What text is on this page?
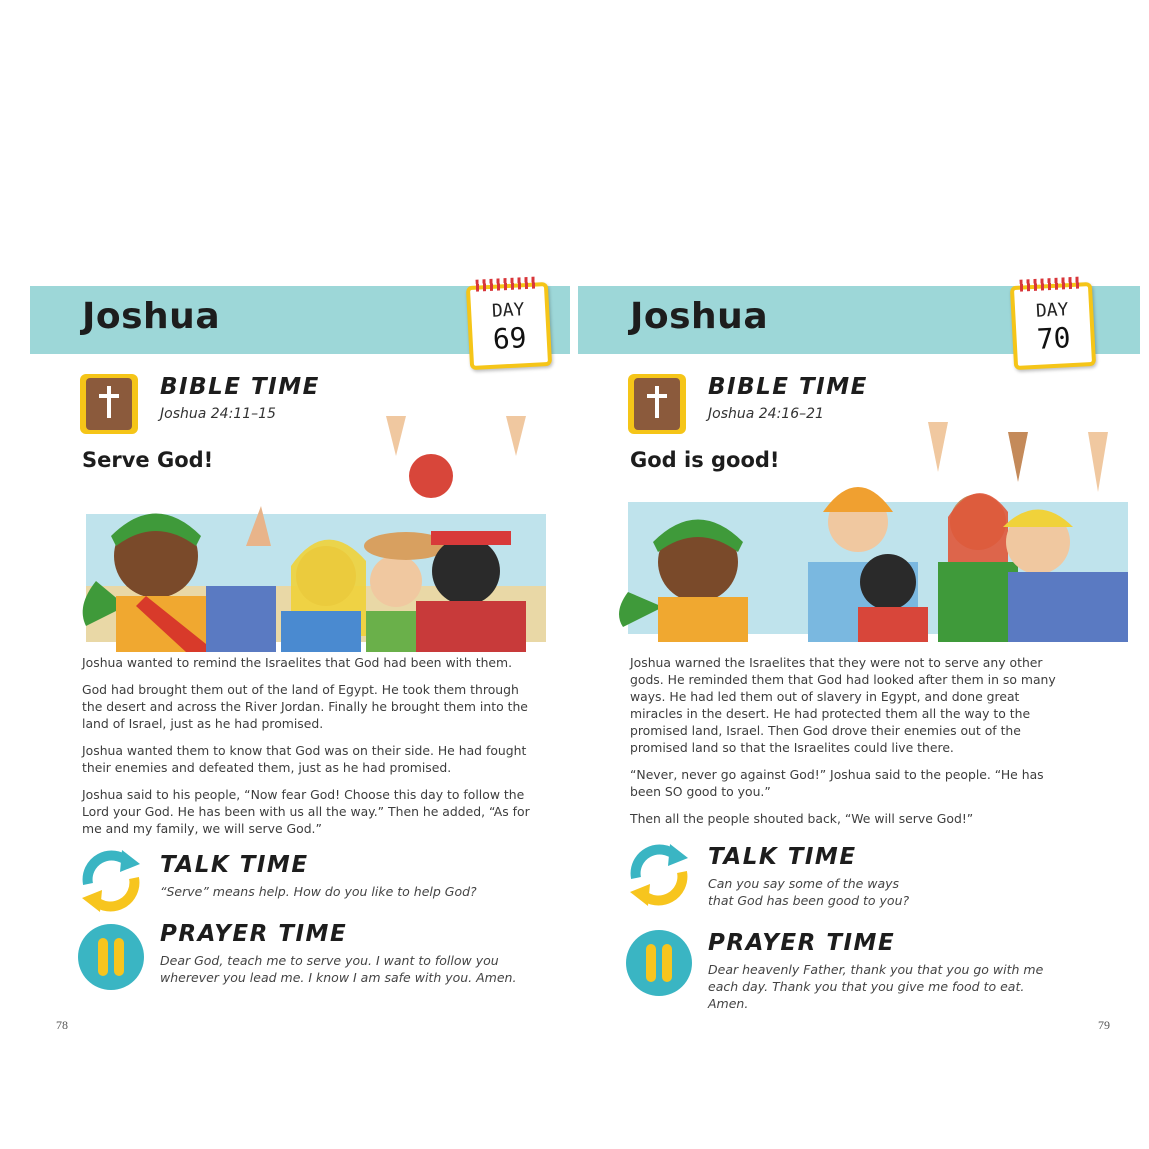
Joshua	DAY
69
BIBLE TIME
Joshua 24:11–15
Serve God!

Joshua wanted to remind the Israelites that God had been with them.

God had brought them out of the land of Egypt. He took them through the desert and across the River Jordan. Finally he brought them into the land of Israel, just as he had promised.

Joshua wanted them to know that God was on their side. He had fought their enemies and defeated them, just as he had promised.

Joshua said to his people, “Now fear God! Choose this day to follow the Lord your God. He has been with us all the way.” Then he added, “As for me and my family, we will serve God.”

TALK TIME
“Serve” means help. How do you like to help God?
PRAYER TIME
Dear God, teach me to serve you. I want to follow you wherever you lead me. I know I am safe with you. Amen.
78
Joshua	DAY
70
BIBLE TIME
Joshua 24:16–21
God is good!

Joshua warned the Israelites that they were not to serve any other gods. He reminded them that God had looked after them in so many ways. He had led them out of slavery in Egypt, and done great miracles in the desert. He had protected them all the way to the promised land, Israel. Then God drove their enemies out of the promised land so that the Israelites could live there.

“Never, never go against God!” Joshua said to the people. “He has been SO good to you.”

Then all the people shouted back, “We will serve God!”

TALK TIME
Can you say some of the ways
that God has been good to you?
PRAYER TIME
Dear heavenly Father, thank you that you go with me
each day. Thank you that you give me food to eat.
Amen.
79
